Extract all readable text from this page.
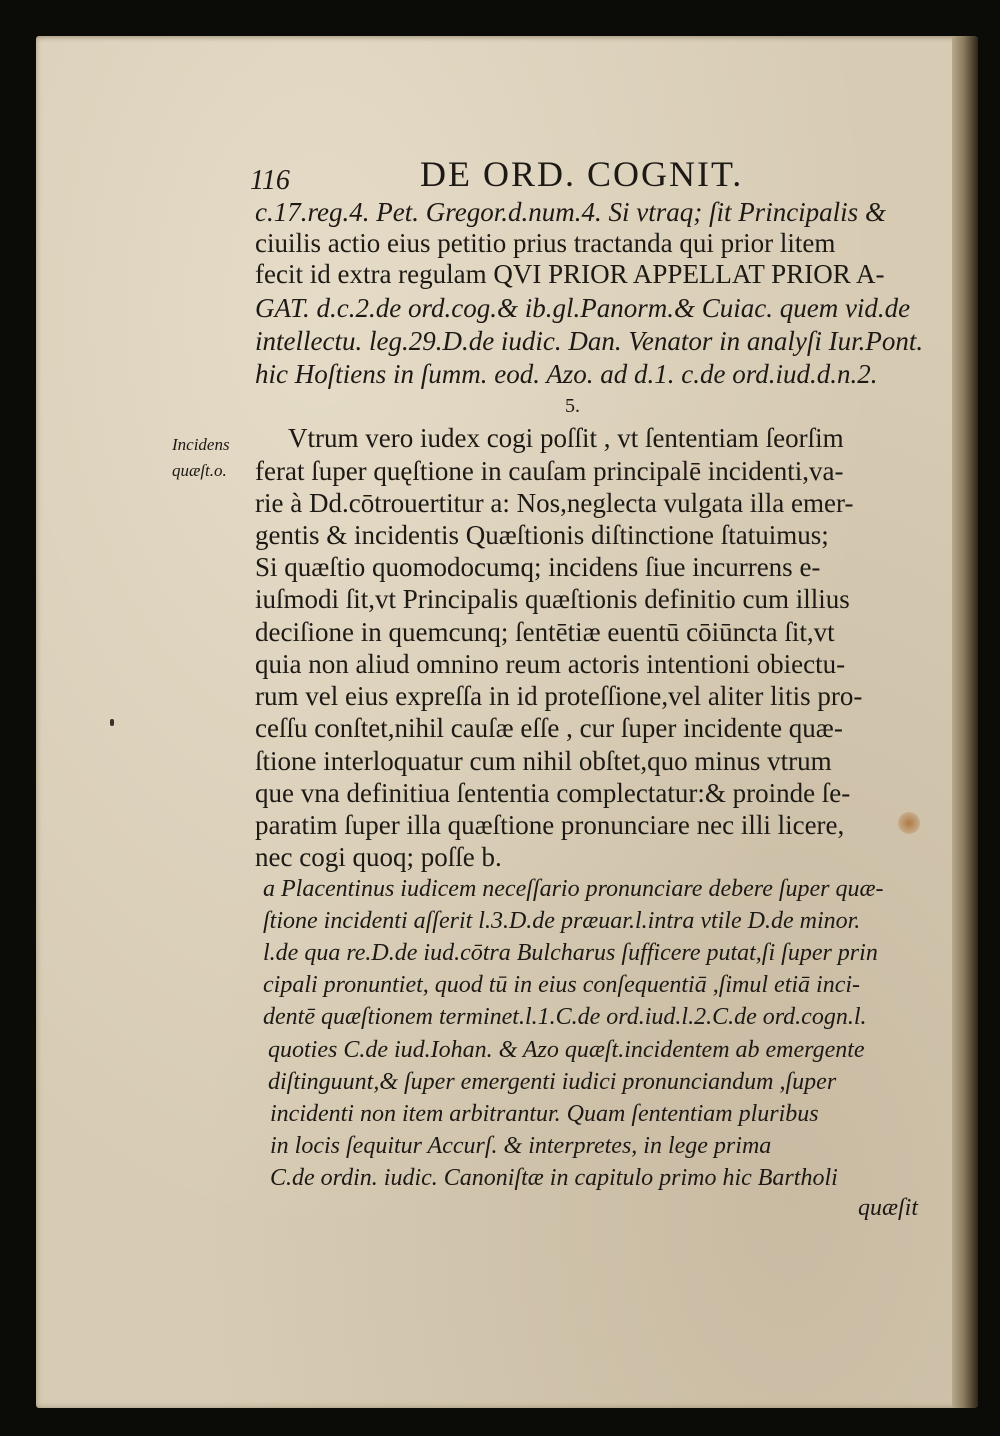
116	DE ORD. COGNIT.
Incidens
quæſt.o.
c.17.reg.4. Pet. Gregor.d.num.4. Si vtraq; ſit Principalis &
ciuilis actio eius petitio prius tractanda qui prior litem
fecit id extra regulam QVI PRIOR APPELLAT PRIOR A-
GAT. d.c.2.de ord.cog.& ib.gl.Panorm.& Cuiac. quem vid.de
intellectu. leg.29.D.de iudic. Dan. Venator in analyſi Iur.Pont.
hic Hoſtiens in ſumm. eod. Azo. ad d.1. c.de ord.iud.d.n.2.
5.
Vtrum vero iudex cogi poſſit , vt ſententiam ſeorſim
ferat ſuper quęſtione in cauſam principalē incidenti,va-
rie à Dd.cōtrouertitur a: Nos,neglecta vulgata illa emer-
gentis & incidentis Quæſtionis diſtinctione ſtatuimus;
Si quæſtio quomodocumq; incidens ſiue incurrens e-
iuſmodi ſit,vt Principalis quæſtionis definitio cum illius
deciſione in quemcunq; ſentētiæ euentū cōiūncta ſit,vt
quia non aliud omnino reum actoris intentioni obiectu-
rum vel eius expreſſa in id proteſſione,vel aliter litis pro-
ceſſu conſtet,nihil cauſæ eſſe , cur ſuper incidente quæ-
ſtione interloquatur cum nihil obſtet,quo minus vtrum
que vna definitiua ſententia complectatur:& proinde ſe-
paratim ſuper illa quæſtione pronunciare nec illi licere,
nec cogi quoq; poſſe b.
a Placentinus iudicem neceſſario pronunciare debere ſuper quæ-
ſtione incidenti aſſerit l.3.D.de præuar.l.intra vtile D.de minor.
l.de qua re.D.de iud.cōtra Bulcharus ſufficere putat,ſi ſuper prin
cipali pronuntiet, quod tū in eius conſequentiā ,ſimul etiā inci-
dentē quæſtionem terminet.l.1.C.de ord.iud.l.2.C.de ord.cogn.l.
quoties C.de iud.Iohan. & Azo quæſt.incidentem ab emergente
diſtinguunt,& ſuper emergenti iudici pronunciandum ,ſuper
incidenti non item arbitrantur. Quam ſententiam pluribus
in locis ſequitur Accurſ. & interpretes, in lege prima
C.de ordin. iudic. Canoniſtæ in capitulo primo hic Bartholi
quæſit
